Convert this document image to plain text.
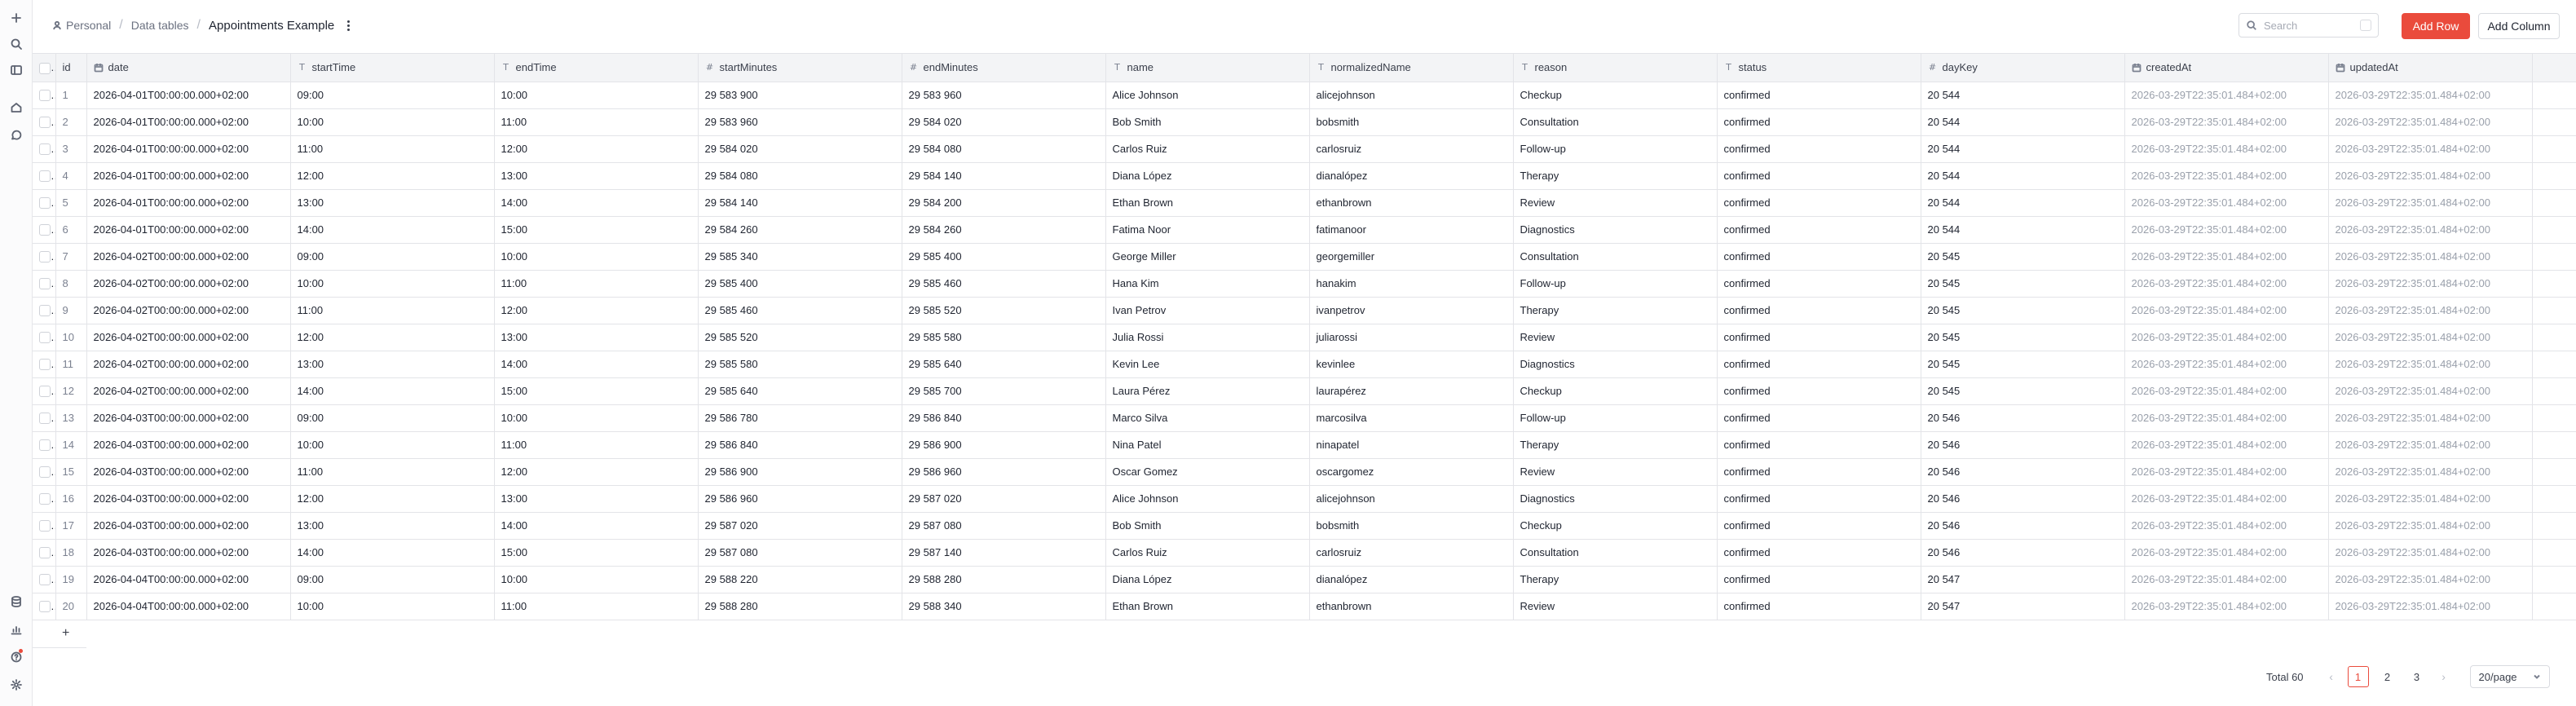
Personal / Data tables / Appointments Example
Search	Add Row	Add Column

	id	date	T startTime	T endTime	# startMinutes	# endMinutes	T name	T normalizedName	T reason	T status	# dayKey	createdAt	updatedAt	

	1	2026-04-01T00:00:00.000+02:00	09:00	10:00	29 583 900	29 583 960	Alice Johnson	alicejohnson	Checkup	confirmed	20 544	2026-03-29T22:35:01.484+02:00	2026-03-29T22:35:01.484+02:00	
	2	2026-04-01T00:00:00.000+02:00	10:00	11:00	29 583 960	29 584 020	Bob Smith	bobsmith	Consultation	confirmed	20 544	2026-03-29T22:35:01.484+02:00	2026-03-29T22:35:01.484+02:00	
	3	2026-04-01T00:00:00.000+02:00	11:00	12:00	29 584 020	29 584 080	Carlos Ruiz	carlosruiz	Follow-up	confirmed	20 544	2026-03-29T22:35:01.484+02:00	2026-03-29T22:35:01.484+02:00	
	4	2026-04-01T00:00:00.000+02:00	12:00	13:00	29 584 080	29 584 140	Diana López	dianalópez	Therapy	confirmed	20 544	2026-03-29T22:35:01.484+02:00	2026-03-29T22:35:01.484+02:00	
	5	2026-04-01T00:00:00.000+02:00	13:00	14:00	29 584 140	29 584 200	Ethan Brown	ethanbrown	Review	confirmed	20 544	2026-03-29T22:35:01.484+02:00	2026-03-29T22:35:01.484+02:00	
	6	2026-04-01T00:00:00.000+02:00	14:00	15:00	29 584 260	29 584 260	Fatima Noor	fatimanoor	Diagnostics	confirmed	20 544	2026-03-29T22:35:01.484+02:00	2026-03-29T22:35:01.484+02:00	
	7	2026-04-02T00:00:00.000+02:00	09:00	10:00	29 585 340	29 585 400	George Miller	georgemiller	Consultation	confirmed	20 545	2026-03-29T22:35:01.484+02:00	2026-03-29T22:35:01.484+02:00	
	8	2026-04-02T00:00:00.000+02:00	10:00	11:00	29 585 400	29 585 460	Hana Kim	hanakim	Follow-up	confirmed	20 545	2026-03-29T22:35:01.484+02:00	2026-03-29T22:35:01.484+02:00	
	9	2026-04-02T00:00:00.000+02:00	11:00	12:00	29 585 460	29 585 520	Ivan Petrov	ivanpetrov	Therapy	confirmed	20 545	2026-03-29T22:35:01.484+02:00	2026-03-29T22:35:01.484+02:00	
	10	2026-04-02T00:00:00.000+02:00	12:00	13:00	29 585 520	29 585 580	Julia Rossi	juliarossi	Review	confirmed	20 545	2026-03-29T22:35:01.484+02:00	2026-03-29T22:35:01.484+02:00	
	11	2026-04-02T00:00:00.000+02:00	13:00	14:00	29 585 580	29 585 640	Kevin Lee	kevinlee	Diagnostics	confirmed	20 545	2026-03-29T22:35:01.484+02:00	2026-03-29T22:35:01.484+02:00	
	12	2026-04-02T00:00:00.000+02:00	14:00	15:00	29 585 640	29 585 700	Laura Pérez	laurapérez	Checkup	confirmed	20 545	2026-03-29T22:35:01.484+02:00	2026-03-29T22:35:01.484+02:00	
	13	2026-04-03T00:00:00.000+02:00	09:00	10:00	29 586 780	29 586 840	Marco Silva	marcosilva	Follow-up	confirmed	20 546	2026-03-29T22:35:01.484+02:00	2026-03-29T22:35:01.484+02:00	
	14	2026-04-03T00:00:00.000+02:00	10:00	11:00	29 586 840	29 586 900	Nina Patel	ninapatel	Therapy	confirmed	20 546	2026-03-29T22:35:01.484+02:00	2026-03-29T22:35:01.484+02:00	
	15	2026-04-03T00:00:00.000+02:00	11:00	12:00	29 586 900	29 586 960	Oscar Gomez	oscargomez	Review	confirmed	20 546	2026-03-29T22:35:01.484+02:00	2026-03-29T22:35:01.484+02:00	
	16	2026-04-03T00:00:00.000+02:00	12:00	13:00	29 586 960	29 587 020	Alice Johnson	alicejohnson	Diagnostics	confirmed	20 546	2026-03-29T22:35:01.484+02:00	2026-03-29T22:35:01.484+02:00	
	17	2026-04-03T00:00:00.000+02:00	13:00	14:00	29 587 020	29 587 080	Bob Smith	bobsmith	Checkup	confirmed	20 546	2026-03-29T22:35:01.484+02:00	2026-03-29T22:35:01.484+02:00	
	18	2026-04-03T00:00:00.000+02:00	14:00	15:00	29 587 080	29 587 140	Carlos Ruiz	carlosruiz	Consultation	confirmed	20 546	2026-03-29T22:35:01.484+02:00	2026-03-29T22:35:01.484+02:00	
	19	2026-04-04T00:00:00.000+02:00	09:00	10:00	29 588 220	29 588 280	Diana López	dianalópez	Therapy	confirmed	20 547	2026-03-29T22:35:01.484+02:00	2026-03-29T22:35:01.484+02:00	
	20	2026-04-04T00:00:00.000+02:00	10:00	11:00	29 588 280	29 588 340	Ethan Brown	ethanbrown	Review	confirmed	20 547	2026-03-29T22:35:01.484+02:00	2026-03-29T22:35:01.484+02:00	
	+													
Total 60	‹	1	2	3	›	20/page
